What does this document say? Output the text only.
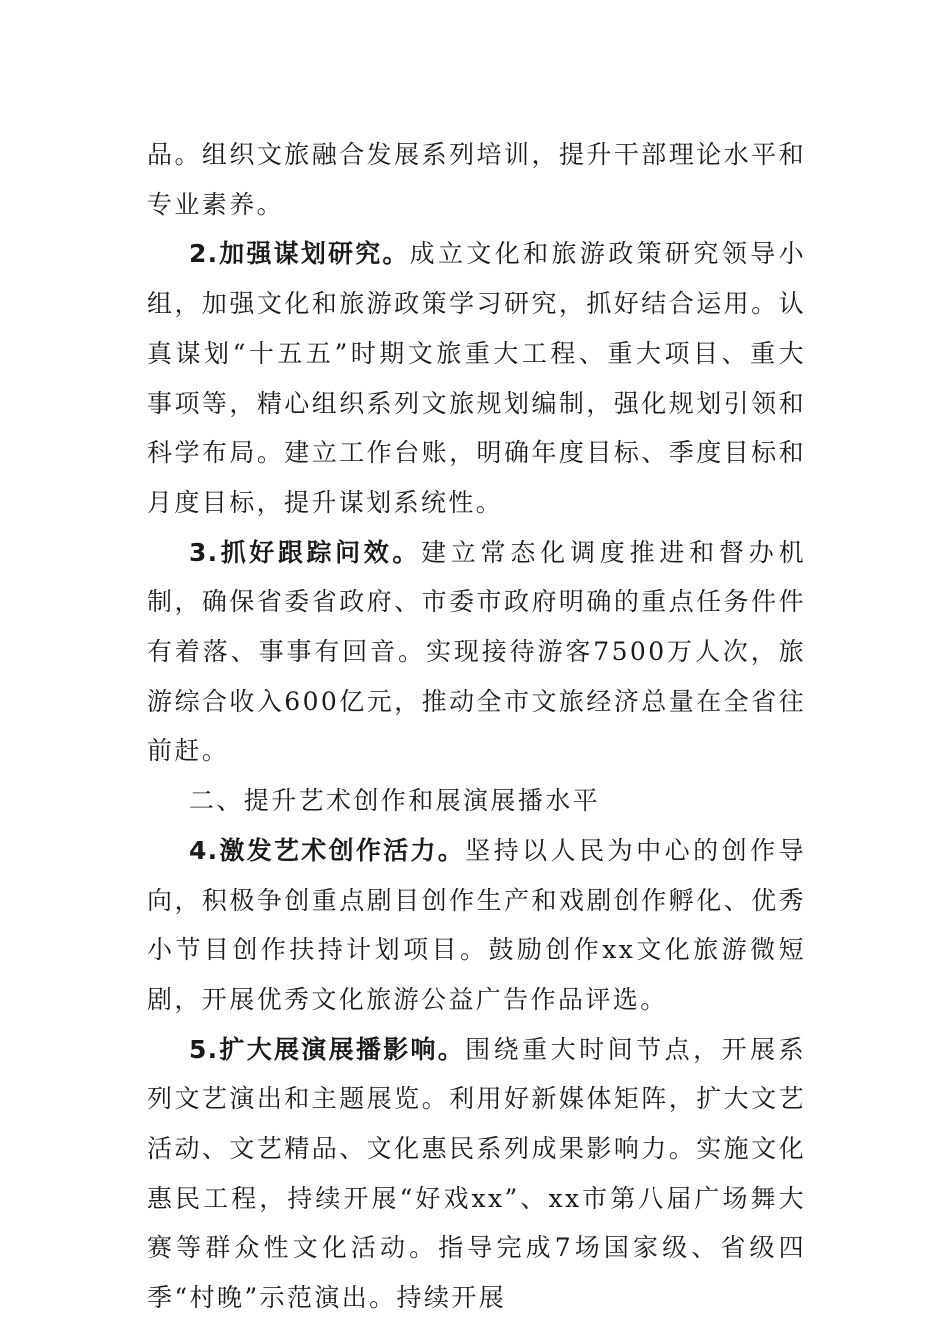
品。组织文旅融合发展系列培训，提升干部理论水平和专业素养。

2.加强谋划研究。成立文化和旅游政策研究领导小组，加强文化和旅游政策学习研究，抓好结合运用。认真谋划“十五五”时期文旅重大工程、重大项目、重大事项等，精心组织系列文旅规划编制，强化规划引领和科学布局。建立工作台账，明确年度目标、季度目标和月度目标，提升谋划系统性。

3.抓好跟踪问效。建立常态化调度推进和督办机制，确保省委省政府、市委市政府明确的重点任务件件有着落、事事有回音。实现接待游客7500万人次，旅游综合收入600亿元，推动全市文旅经济总量在全省往前赶。

二、提升艺术创作和展演展播水平

4.激发艺术创作活力。坚持以人民为中心的创作导向，积极争创重点剧目创作生产和戏剧创作孵化、优秀小节目创作扶持计划项目。鼓励创作xx文化旅游微短剧，开展优秀文化旅游公益广告作品评选。

5.扩大展演展播影响。围绕重大时间节点，开展系列文艺演出和主题展览。利用好新媒体矩阵，扩大文艺活动、文艺精品、文化惠民系列成果影响力。实施文化惠民工程，持续开展“好戏xx”、xx市第八届广场舞大赛等群众性文化活动。指导完成7场国家级、省级四季“村晚”示范演出。持续开展
